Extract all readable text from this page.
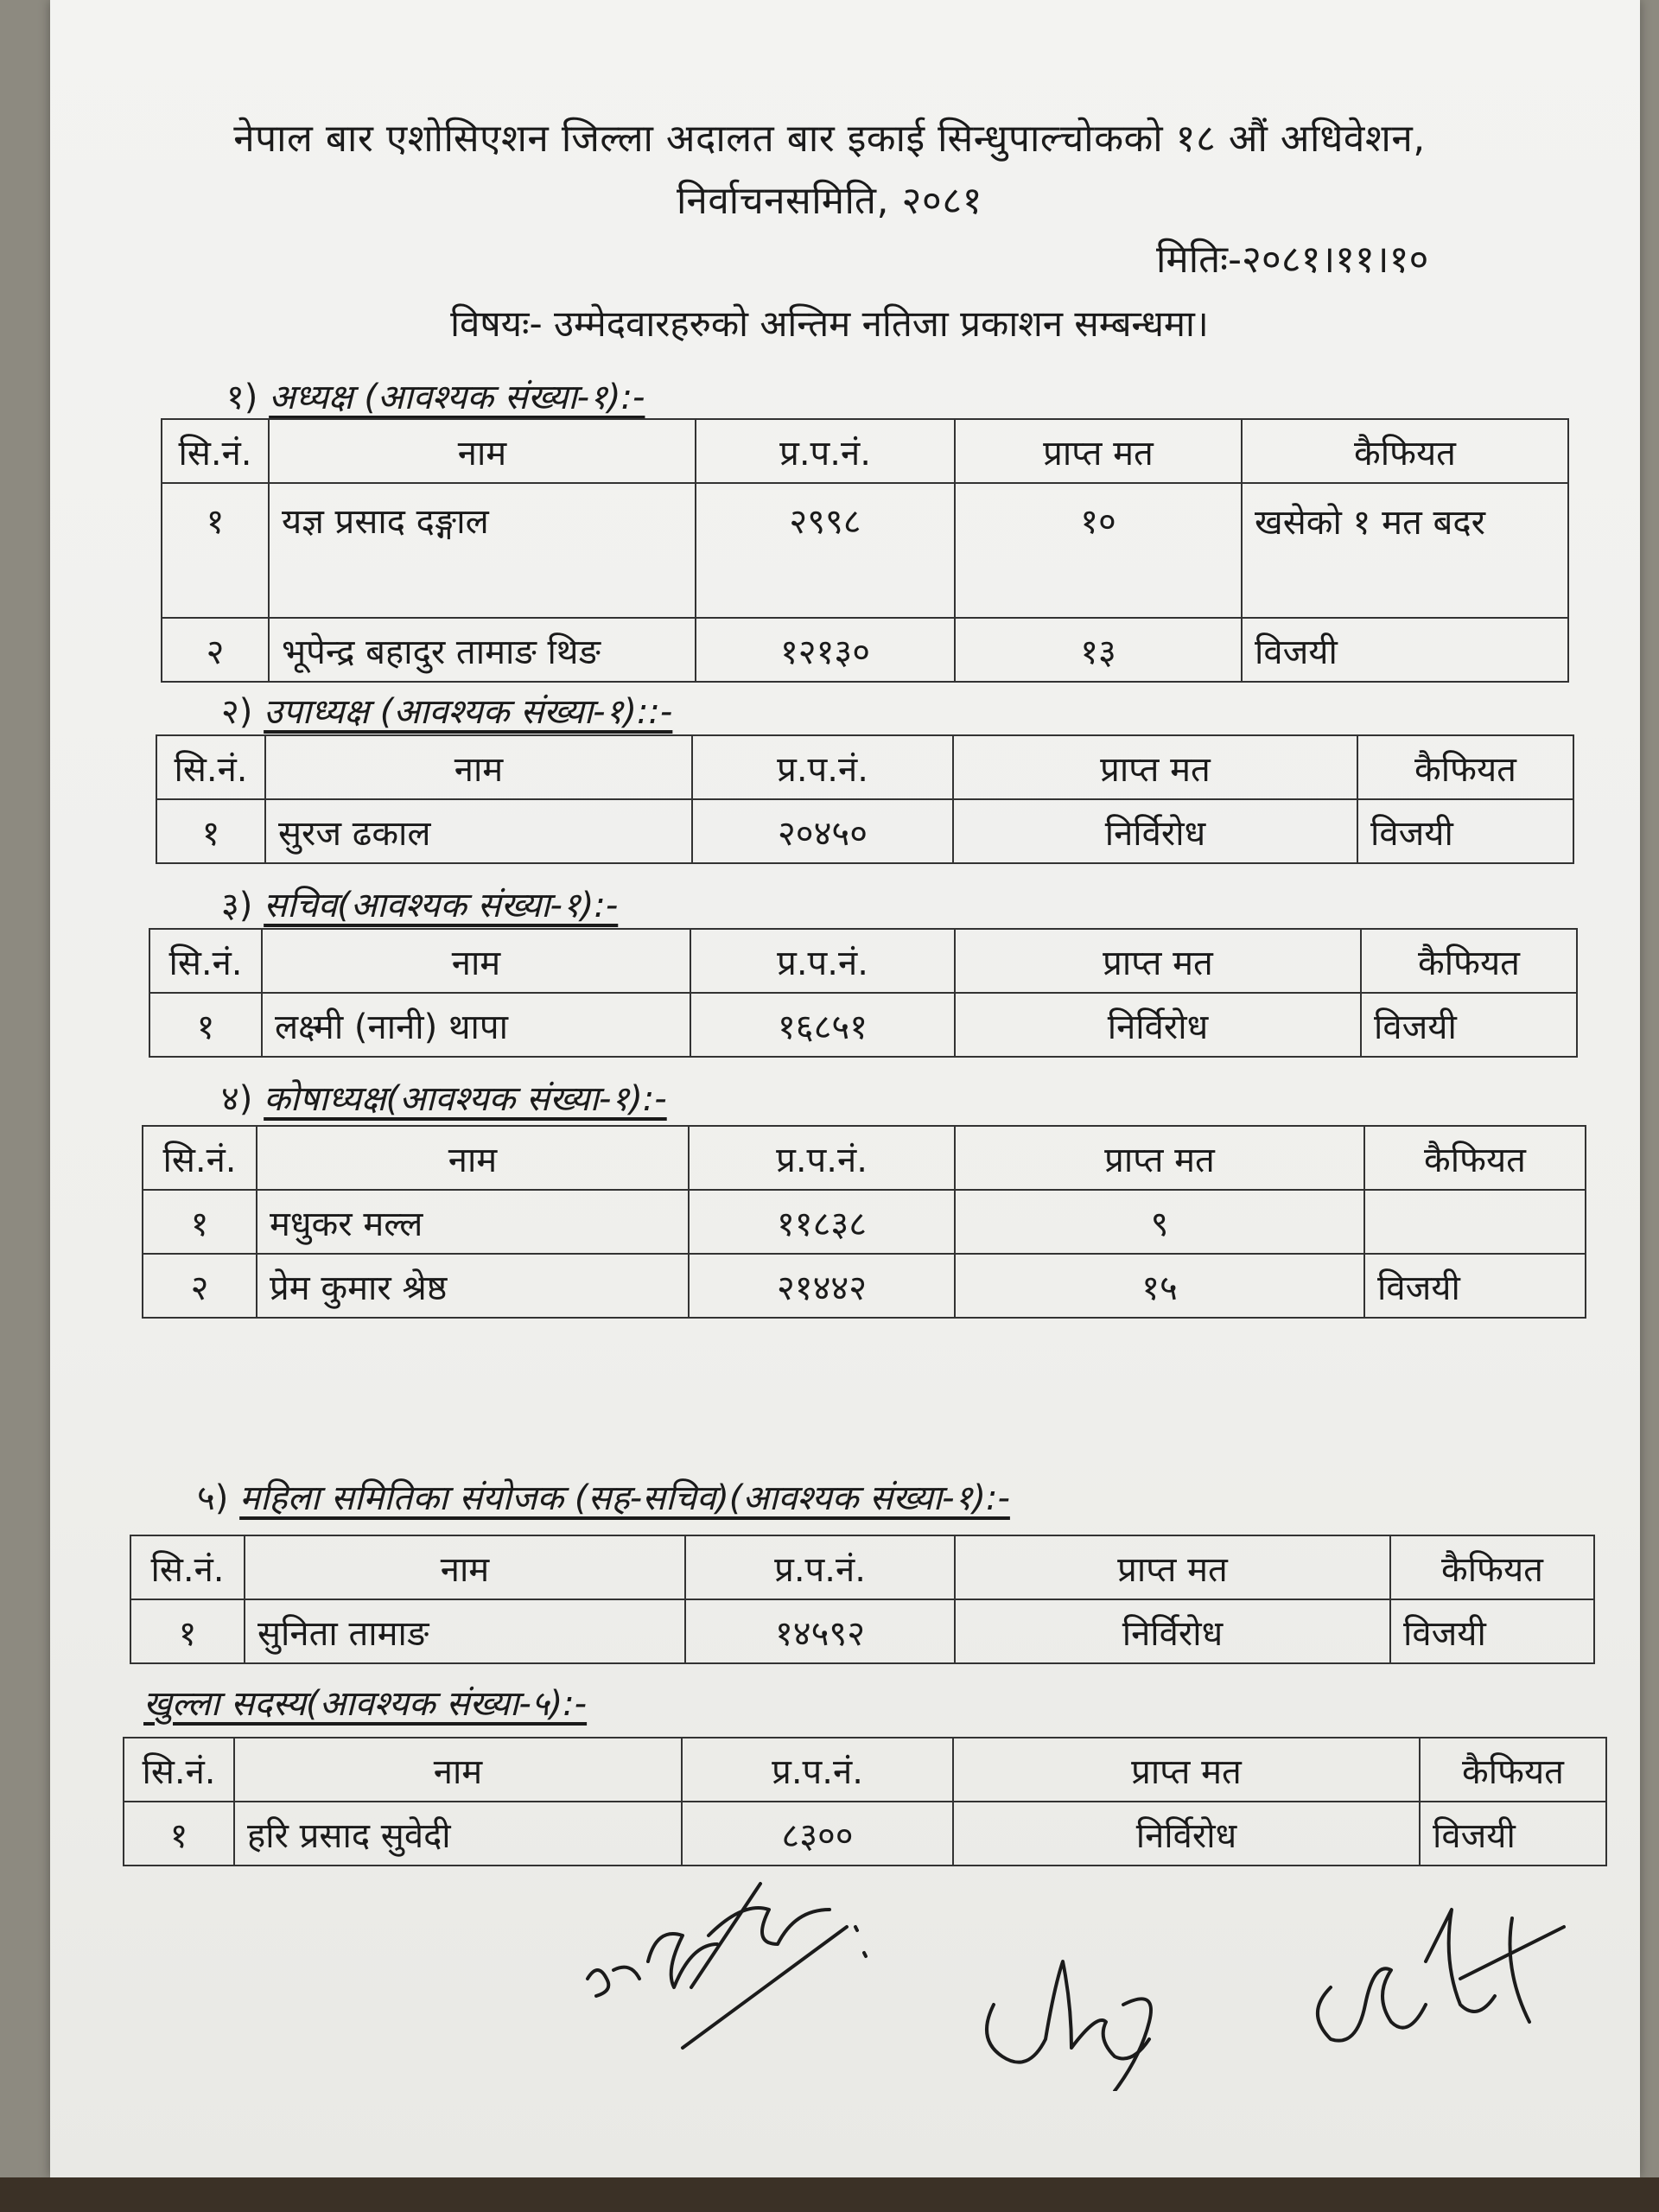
नेपाल बार एशोसिएशन जिल्ला अदालत बार इकाई सिन्धुपाल्चोकको १८ औं अधिवेशन,
निर्वाचनसमिति, २०८१
मितिः-२०८१।११।१०
विषयः- उम्मेदवारहरुको अन्तिम नतिजा प्रकाशन सम्बन्धमा।
१) अध्यक्ष (आवश्यक संख्या-१):-
सि.नं.	नाम	प्र.प.नं.	प्राप्त मत	कैफियत
१	यज्ञ प्रसाद दङ्गाल	२९९८	१०	खसेको १ मत बदर
२	भूपेन्द्र बहादुर तामाङ थिङ	१२१३०	१३	विजयी
२) उपाध्यक्ष (आवश्यक संख्या-१)::-
सि.नं.	नाम	प्र.प.नं.	प्राप्त मत	कैफियत
१	सुरज ढकाल	२०४५०	निर्विरोध	विजयी
३) सचिव(आवश्यक संख्या-१):-
सि.नं.	नाम	प्र.प.नं.	प्राप्त मत	कैफियत
१	लक्ष्मी (नानी) थापा	१६८५१	निर्विरोध	विजयी
४) कोषाध्यक्ष(आवश्यक संख्या-१):-
सि.नं.	नाम	प्र.प.नं.	प्राप्त मत	कैफियत
१	मधुकर मल्ल	११८३८	९	
२	प्रेम कुमार श्रेष्ठ	२१४४२	१५	विजयी
५) महिला समितिका संयोजक (सह-सचिव)(आवश्यक संख्या-१):-
सि.नं.	नाम	प्र.प.नं.	प्राप्त मत	कैफियत
१	सुनिता तामाङ	१४५९२	निर्विरोध	विजयी
खुल्ला सदस्य(आवश्यक संख्या-५):-
सि.नं.	नाम	प्र.प.नं.	प्राप्त मत	कैफियत
१	हरि प्रसाद सुवेदी	८३००	निर्विरोध	विजयी
